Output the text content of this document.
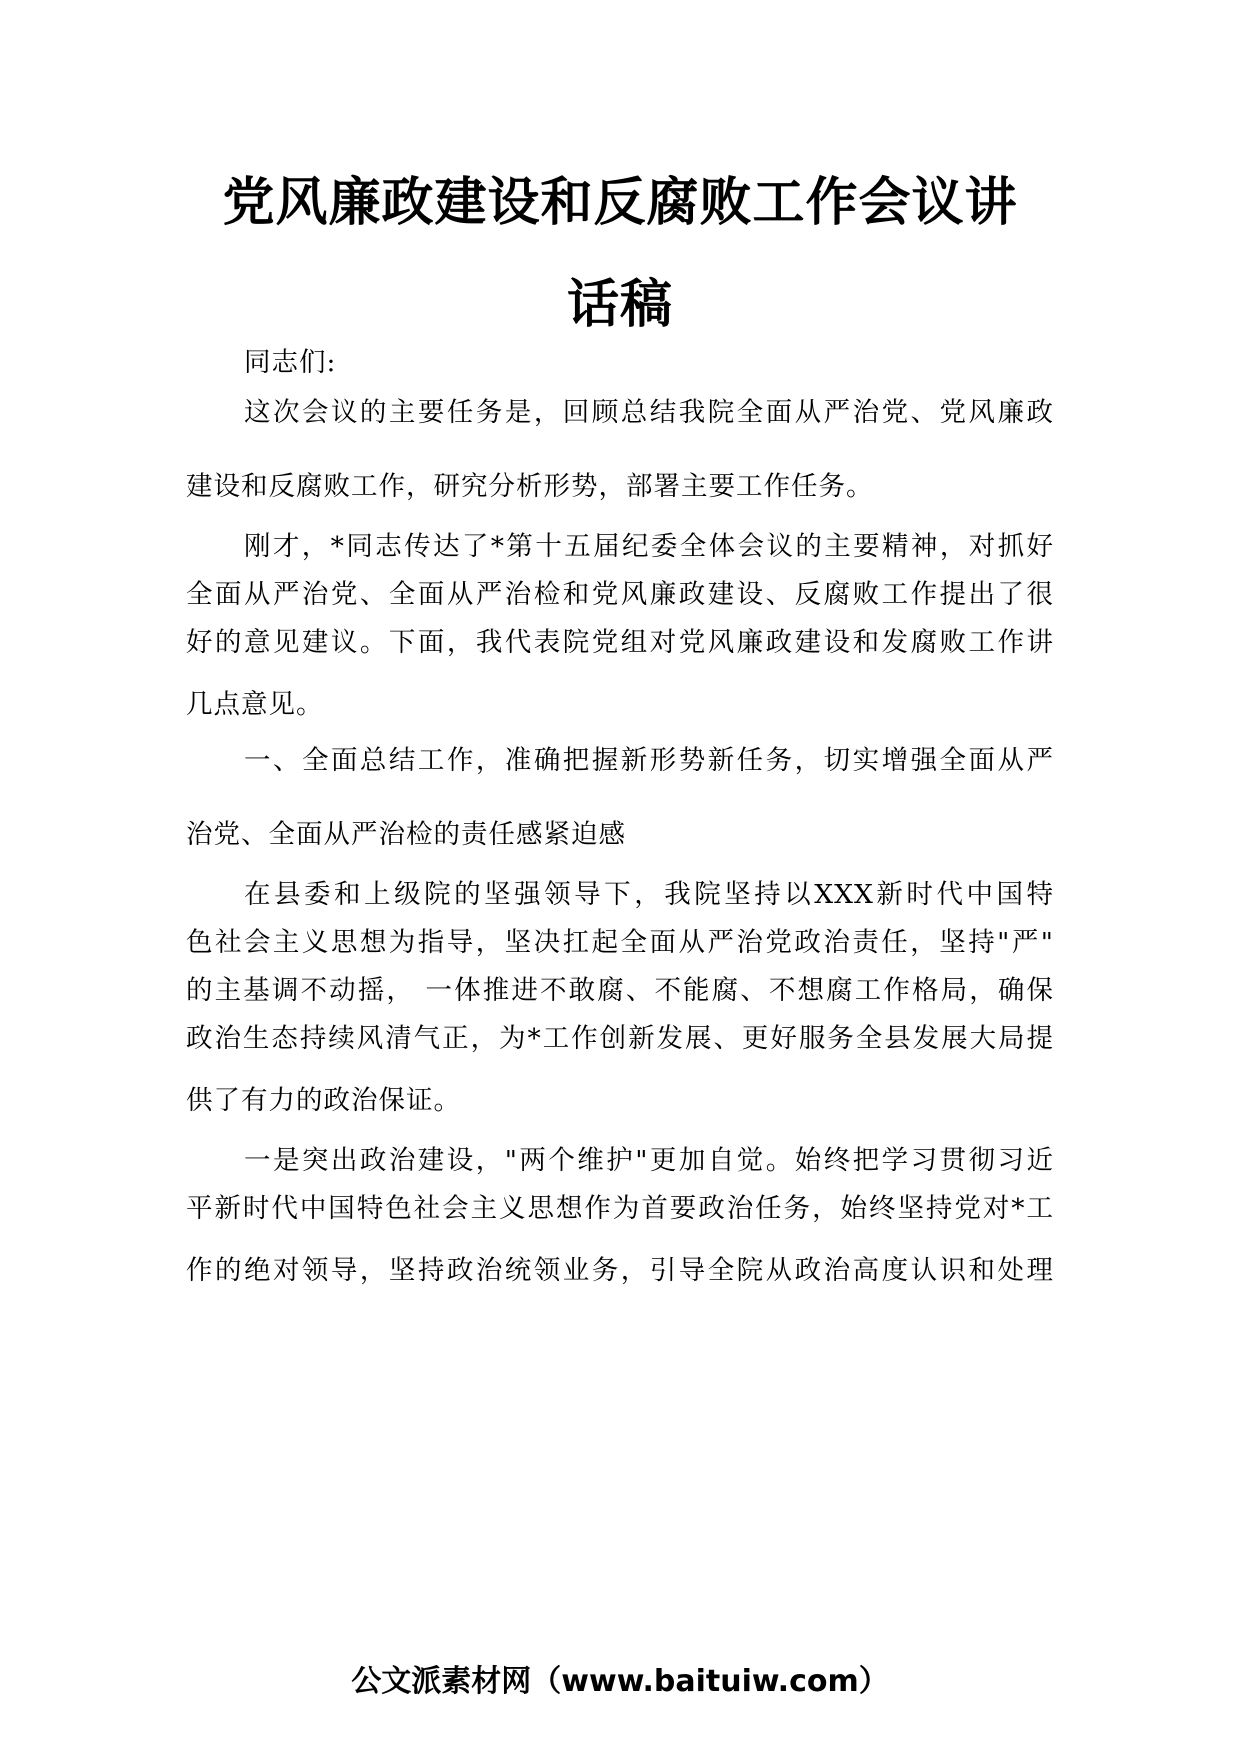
党风廉政建设和反腐败工作会议讲
话稿
同志们:
这次会议的主要任务是，回顾总结我院全面从严治党、党风廉政
建设和反腐败工作，研究分析形势，部署主要工作任务。
刚才，*同志传达了*第十五届纪委全体会议的主要精神，对抓好
全面从严治党、全面从严治检和党风廉政建设、反腐败工作提出了很
好的意见建议。下面，我代表院党组对党风廉政建设和发腐败工作讲
几点意见。
一、全面总结工作，准确把握新形势新任务，切实增强全面从严
治党、全面从严治检的责任感紧迫感
在县委和上级院的坚强领导下，我院坚持以XXX新时代中国特
色社会主义思想为指导，坚决扛起全面从严治党政治责任，坚持"严"
的主基调不动摇， 一体推进不敢腐、不能腐、不想腐工作格局，确保
政治生态持续风清气正，为*工作创新发展、更好服务全县发展大局提
供了有力的政治保证。
一是突出政治建设，"两个维护"更加自觉。始终把学习贯彻习近
平新时代中国特色社会主义思想作为首要政治任务，始终坚持党对*工
作的绝对领导，坚持政治统领业务，引导全院从政治高度认识和处理
公文派素材网（www.baituiw.com）
